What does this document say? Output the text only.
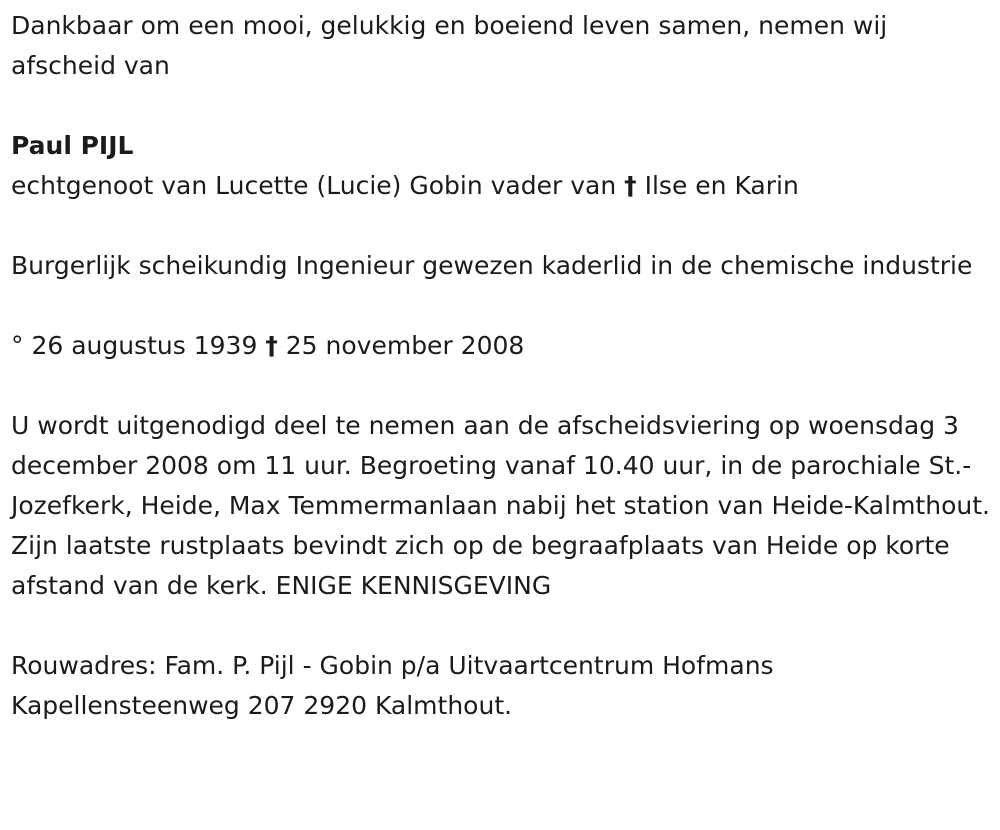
Dankbaar om een mooi, gelukkig en boeiend leven samen, nemen wij afscheid van

Paul PIJL

echtgenoot van Lucette (Lucie) Gobin vader van † Ilse en Karin

Burgerlijk scheikundig Ingenieur gewezen kaderlid in de chemische industrie

° 26 augustus 1939 † 25 november 2008

U wordt uitgenodigd deel te nemen aan de afscheidsviering op woensdag 3 december 2008 om 11 uur. Begroeting vanaf 10.40 uur, in de parochiale St.-Jozefkerk, Heide, Max Temmermanlaan nabij het station van Heide-Kalmthout. Zijn laatste rustplaats bevindt zich op de begraafplaats van Heide op korte afstand van de kerk. ENIGE KENNISGEVING

Rouwadres: Fam. P. Pijl - Gobin p/a Uitvaartcentrum Hofmans Kapellensteenweg 207 2920 Kalmthout.
